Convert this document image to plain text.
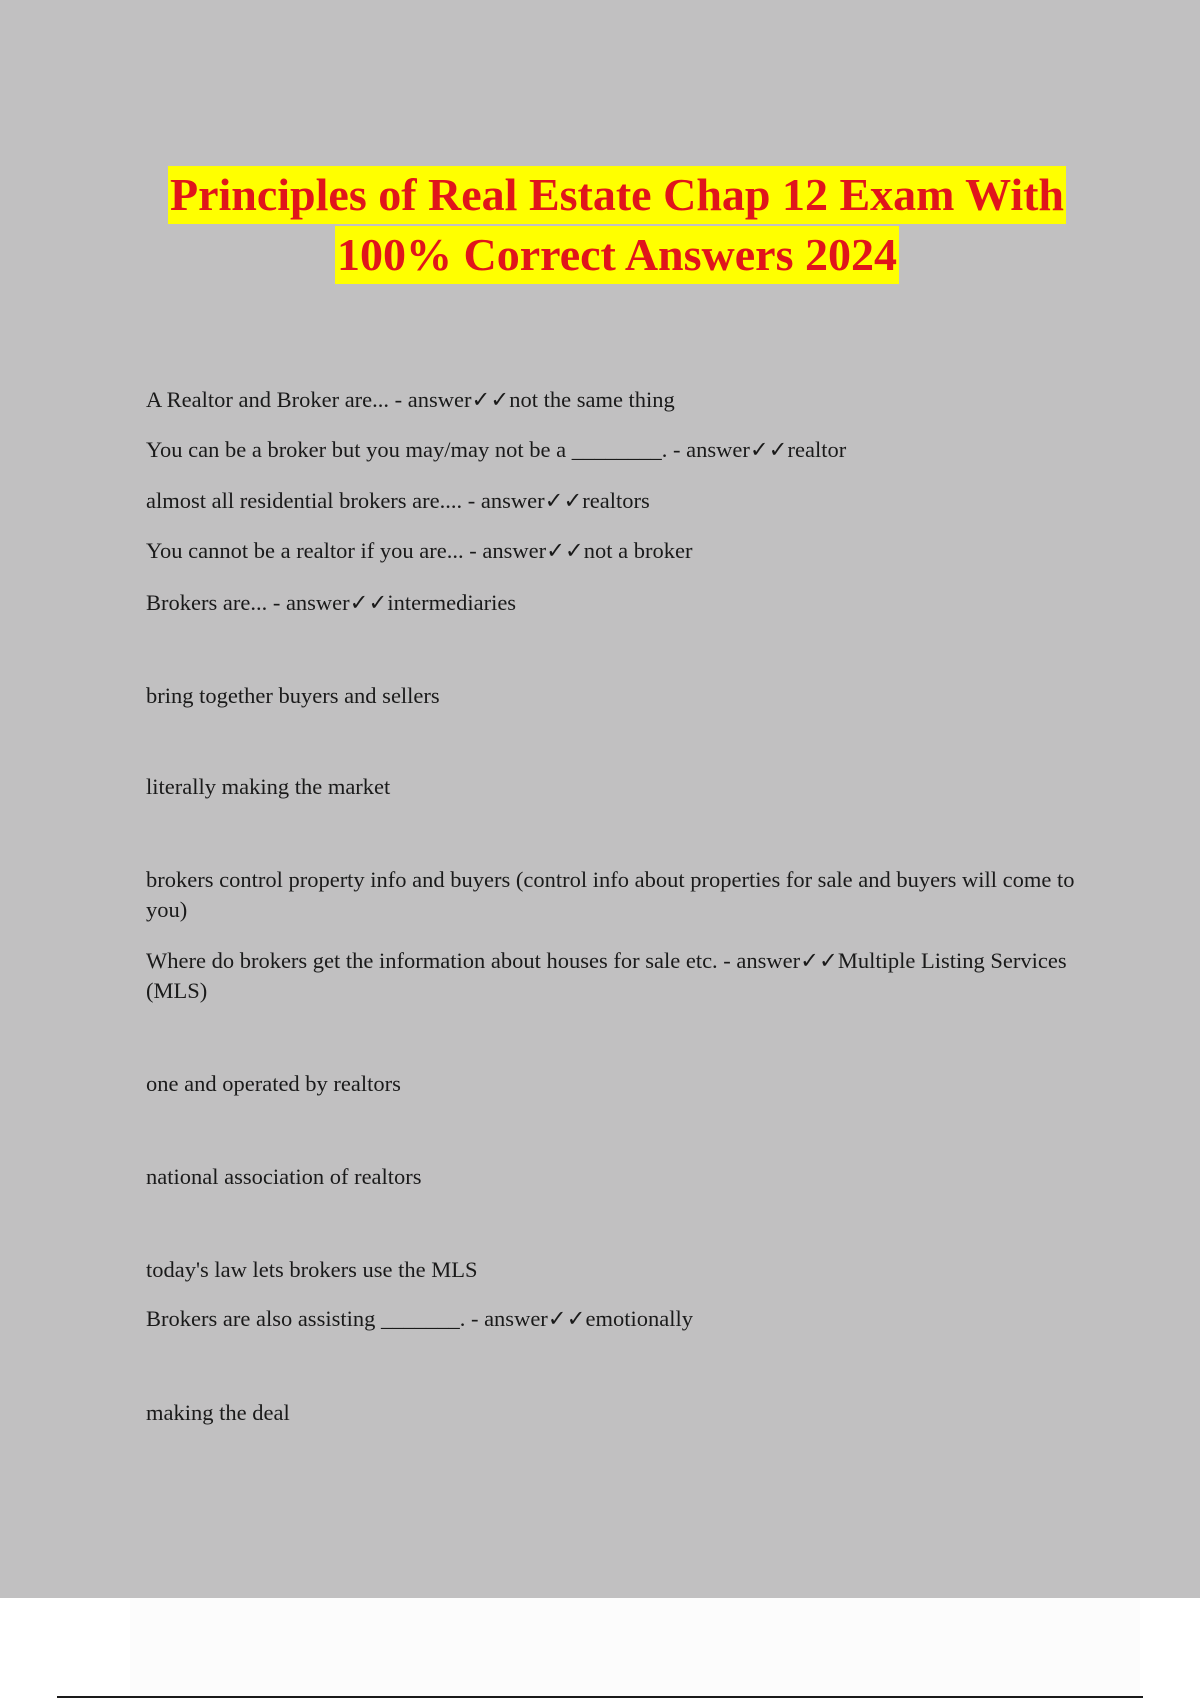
Principles of Real Estate Chap 12 Exam With
100% Correct Answers 2024

A Realtor and Broker are... - answer✓✓not the same thing

You can be a broker but you may/may not be a ________. - answer✓✓realtor

almost all residential brokers are.... - answer✓✓realtors

You cannot be a realtor if you are... - answer✓✓not a broker

Brokers are... - answer✓✓intermediaries

bring together buyers and sellers

literally making the market

brokers control property info and buyers (control info about properties for sale and buyers will come to you)

Where do brokers get the information about houses for sale etc. - answer✓✓Multiple Listing Services (MLS)

one and operated by realtors

national association of realtors

today's law lets brokers use the MLS

Brokers are also assisting _______. - answer✓✓emotionally

making the deal
